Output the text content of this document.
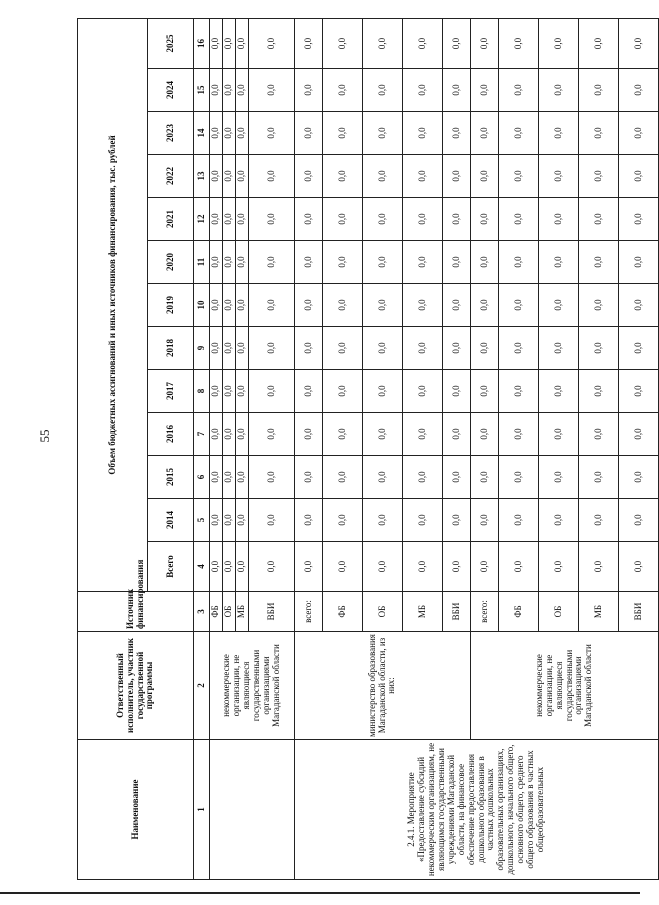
55
Наименование	Ответственный исполнитель, участник государственной программы	Источник финансирования	Объем бюджетных ассигнований и иных источников финансирования, тыс. рублей												
			Всего	2014	2015	2016	2017	2018	2019	2020	2021	2022	2023	2024	2025
1	2	3	4	5	6	7	8	9	10	11	12	13	14	15	16
	некоммерческие организации, не являющиеся государственными организациями Магаданской области	ФБ	0,0	0,0	0,0	0,0	0,0	0,0	0,0	0,0	0,0	0,0	0,0	0,0	0,0
		ОБ	0,0	0,0	0,0	0,0	0,0	0,0	0,0	0,0	0,0	0,0	0,0	0,0	0,0
		МБ	0,0	0,0	0,0	0,0	0,0	0,0	0,0	0,0	0,0	0,0	0,0	0,0	0,0
		ВБИ	0,0	0,0	0,0	0,0	0,0	0,0	0,0	0,0	0,0	0,0	0,0	0,0	0,0
2.4.1. Мероприятие «Предоставление субсидий некоммерческим организациям, не являющимся государственными учреждениями Магаданской области, на финансовое обеспечение предоставления дошкольного образования в частных дошкольных образовательных организациях, дошкольного, начального общего, основного общего, среднего общего образования в частных общеобразовательных	министерство образования Магаданской области, из них:	всего:	0,0	0,0	0,0	0,0	0,0	0,0	0,0	0,0	0,0	0,0	0,0	0,0	0,0
		ФБ	0,0	0,0	0,0	0,0	0,0	0,0	0,0	0,0	0,0	0,0	0,0	0,0	0,0
		ОБ	0,0	0,0	0,0	0,0	0,0	0,0	0,0	0,0	0,0	0,0	0,0	0,0	0,0
		МБ	0,0	0,0	0,0	0,0	0,0	0,0	0,0	0,0	0,0	0,0	0,0	0,0	0,0
		ВБИ	0,0	0,0	0,0	0,0	0,0	0,0	0,0	0,0	0,0	0,0	0,0	0,0	0,0
	некоммерческие организации, не являющиеся государственными организациями Магаданской области	всего:	0,0	0,0	0,0	0,0	0,0	0,0	0,0	0,0	0,0	0,0	0,0	0,0	0,0
		ФБ	0,0	0,0	0,0	0,0	0,0	0,0	0,0	0,0	0,0	0,0	0,0	0,0	0,0
		ОБ	0,0	0,0	0,0	0,0	0,0	0,0	0,0	0,0	0,0	0,0	0,0	0,0	0,0
		МБ	0,0	0,0	0,0	0,0	0,0	0,0	0,0	0,0	0,0	0,0	0,0	0,0	0,0
		ВБИ	0,0	0,0	0,0	0,0	0,0	0,0	0,0	0,0	0,0	0,0	0,0	0,0	0,0
